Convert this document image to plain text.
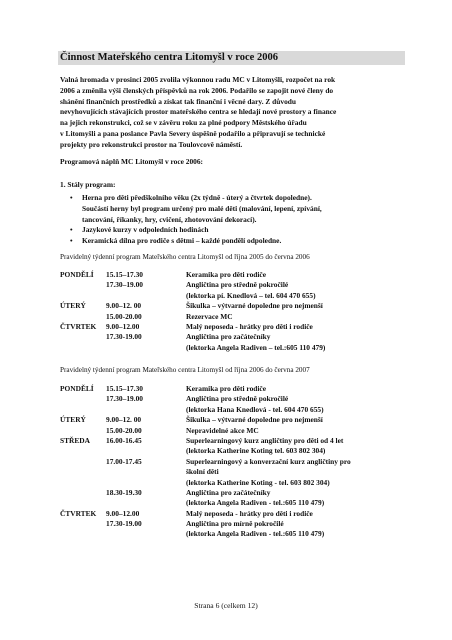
Činnost Mateřského centra Litomyšl v roce 2006

Valná hromada v prosinci 2005 zvolila výkonnou radu MC v Litomyšli, rozpočet na rok

2006 a změnila výši členských příspěvků na rok 2006. Podařilo se zapojit nové členy do

shánění finančních prostředků a získat tak finanční i věcné dary. Z důvodu

nevyhovujících stávajících prostor mateřského centra se hledají nové prostory a finance

na jejich rekonstrukci, což se v závěru roku za plné podpory Městského úřadu

v Litomyšli a pana poslance Pavla Severy úspěšně podařilo a připravují se technické

projekty pro rekonstrukci prostor na Toulovcově náměstí.

Programová náplň MC Litomyšl v roce 2006:
1. Stály program:
• Herna pro děti předškolního věku (2x týdně - úterý a čtvrtek dopoledne).
Součástí herny byl program určený pro malé děti (malování, lepení, zpívání,
tancování, říkanky, hry, cvičení, zhotovování dekorací).
• Jazykové kurzy v odpoledních hodinách
• Keramická dílna pro rodiče s dětmi – každé pondělí odpoledne.
Pravidelný týdenní program Mateřského centra Litomyšl od října 2005 do června 2006
PONDĚLÍ 15.15–17.30	Keramika pro děti rodiče
17.30–19.00	Angličtina pro středně pokročilé
(lektorka pí. Knedlová – tel. 604 470 655)
ÚTERÝ	9.00–12. 00	Šikulka – výtvarné dopoledne pro nejmenší
15.00-20.00	Rezervace MC
ČTVRTEK 9.00–12.00	Malý neposeda - hrátky pro děti i rodiče
17.30-19.00	Angličtina pro začátečníky
(lektorka Angela Radiven – tel.:605 110 479)
Pravidelný týdenní program Mateřského centra Litomyšl od října 2006 do června 2007
PONDĚLÍ 15.15–17.30	Keramika pro děti rodiče
17.30–19.00	Angličtina pro středně pokročilé
(lektorka Hana Knedlová - tel. 604 470 655)
ÚTERÝ	9.00–12. 00	Šikulka – výtvarné dopoledne pro nejmenší
15.00-20.00	Nepravidelné akce MC
STŘEDA 16.00-16.45	Superlearningový kurz angličtiny pro děti od 4 let
(lektorka Katherine Koting tel. 603 802 304)
17.00-17.45	Superlearningový a konverzační kurz angličtiny pro
školní děti
(lektorka Katherine Koting - tel. 603 802 304)
18.30-19.30	Angličtina pro začátečníky
(lektorka Angela Radiven - tel.:605 110 479)
ČTVRTEK 9.00–12.00	Malý neposeda - hrátky pro děti i rodiče
17.30-19.00	Angličtina pro mírně pokročilé
(lektorka Angela Radiven - tel.:605 110 479)
Strana 6 (celkem 12)
